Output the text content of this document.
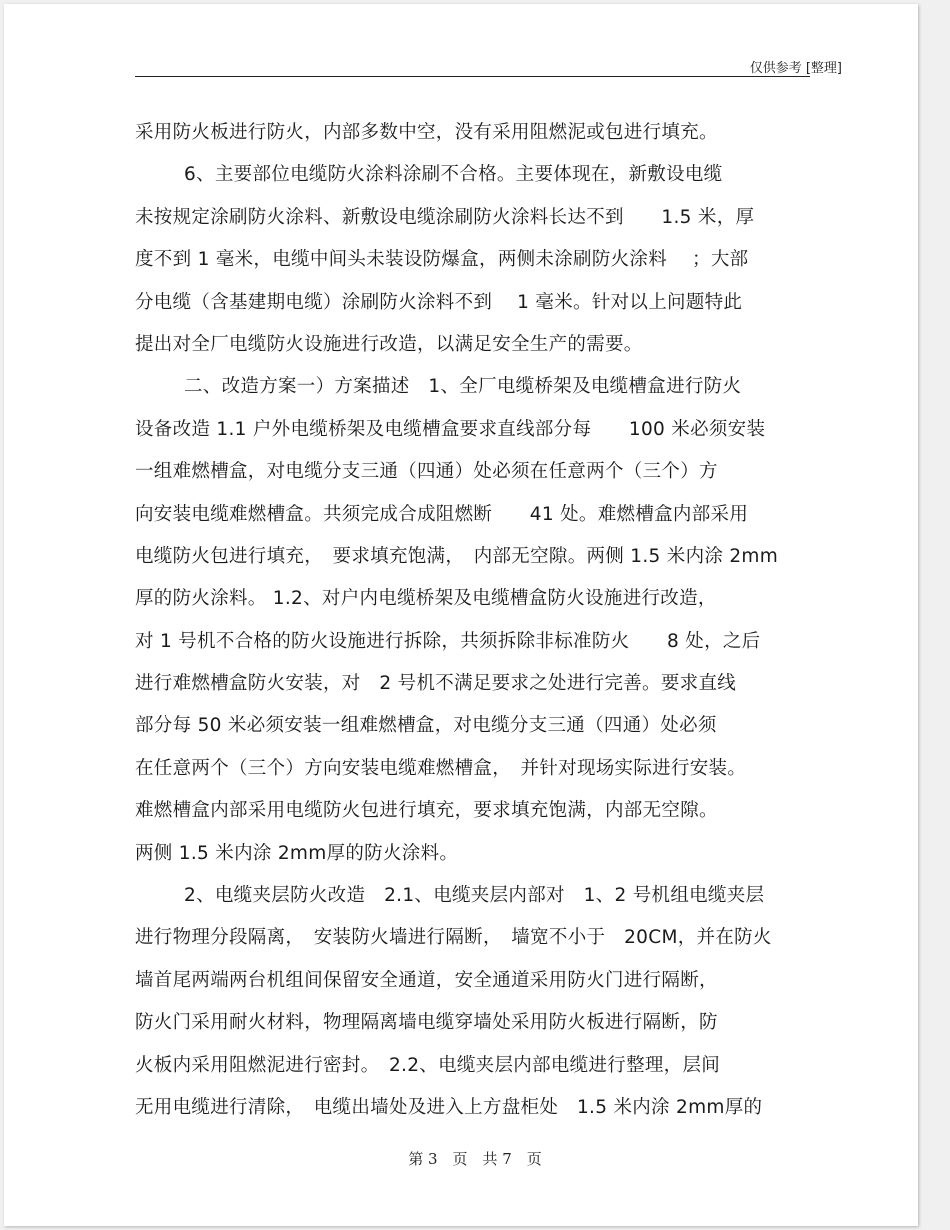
仅供参考 [整理]
采用防火板进行防火，内部多数中空，没有采用阻燃泥或包进行填充。
6、主要部位电缆防火涂料涂刷不合格。主要体现在，新敷设电缆
未按规定涂刷防火涂料、新敷设电缆涂刷防火涂料长达不到　　1.5 米，厚
度不到 1 毫米，电缆中间头未装设防爆盒，两侧未涂刷防火涂料　 ；大部
分电缆（含基建期电缆）涂刷防火涂料不到　 1 毫米。针对以上问题特此
提出对全厂电缆防火设施进行改造，以满足安全生产的需要。
二、改造方案一）方案描述　1、全厂电缆桥架及电缆槽盒进行防火
设备改造 1.1 户外电缆桥架及电缆槽盒要求直线部分每　　100 米必须安装
一组难燃槽盒，对电缆分支三通（四通）处必须在任意两个（三个）方
向安装电缆难燃槽盒。共须完成合成阻燃断　　41 处。难燃槽盒内部采用
电缆防火包进行填充，　要求填充饱满，　内部无空隙。两侧 1.5 米内涂 2mm
厚的防火涂料。 1.2、对户内电缆桥架及电缆槽盒防火设施进行改造，
对 1 号机不合格的防火设施进行拆除，共须拆除非标准防火　　8 处，之后
进行难燃槽盒防火安装，对　2 号机不满足要求之处进行完善。要求直线
部分每 50 米必须安装一组难燃槽盒，对电缆分支三通（四通）处必须
在任意两个（三个）方向安装电缆难燃槽盒，　并针对现场实际进行安装。
难燃槽盒内部采用电缆防火包进行填充，要求填充饱满，内部无空隙。
两侧 1.5 米内涂 2mm厚的防火涂料。
2、电缆夹层防火改造　2.1、电缆夹层内部对　1、2 号机组电缆夹层
进行物理分段隔离，　安装防火墙进行隔断，　墙宽不小于　20CM，并在防火
墙首尾两端两台机组间保留安全通道，安全通道采用防火门进行隔断，
防火门采用耐火材料，物理隔离墙电缆穿墙处采用防火板进行隔断，防
火板内采用阻燃泥进行密封。　2.2、电缆夹层内部电缆进行整理，层间
无用电缆进行清除，　电缆出墙处及进入上方盘柜处　1.5 米内涂 2mm厚的
第 3　页　共 7　页
